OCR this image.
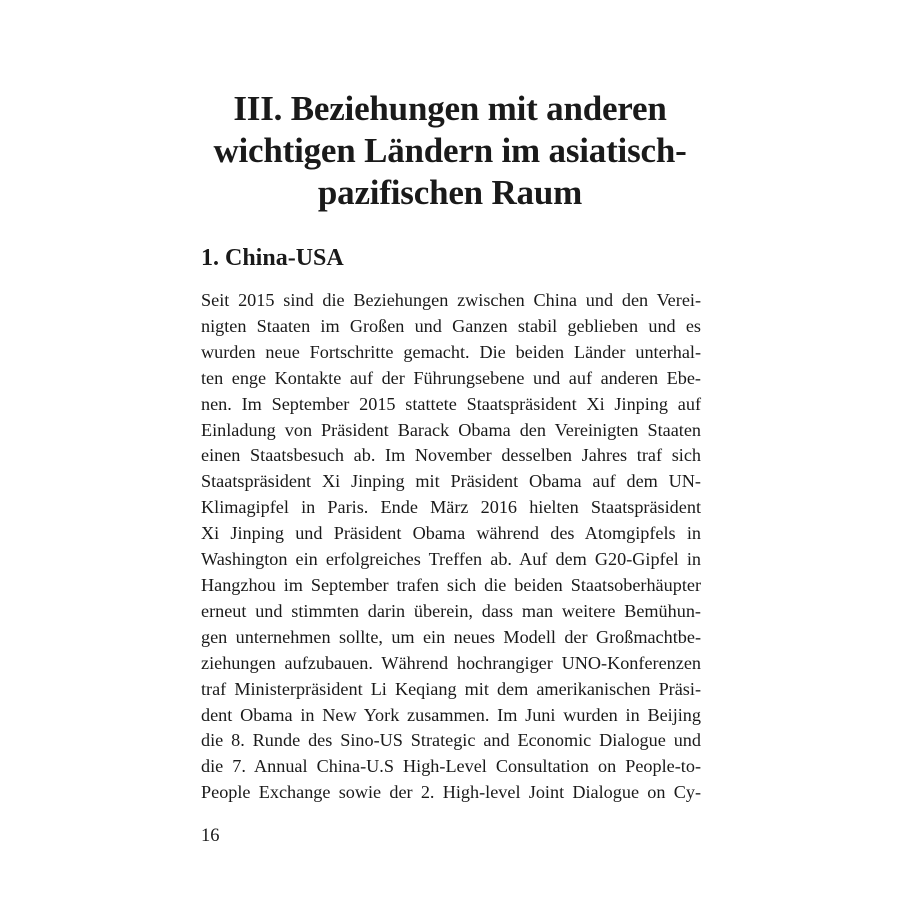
III. Beziehungen mit anderen
wichtigen Ländern im asiatisch-
pazifischen Raum
1. China-USA
Seit 2015 sind die Beziehungen zwischen China und den Verei-
nigten Staaten im Großen und Ganzen stabil geblieben und es
wurden neue Fortschritte gemacht. Die beiden Länder unterhal-
ten enge Kontakte auf der Führungsebene und auf anderen Ebe-
nen. Im September 2015 stattete Staatspräsident Xi Jinping auf
Einladung von Präsident Barack Obama den Vereinigten Staaten
einen Staatsbesuch ab. Im November desselben Jahres traf sich
Staatspräsident Xi Jinping mit Präsident Obama auf dem UN-
Klimagipfel in Paris. Ende März 2016 hielten Staatspräsident
Xi Jinping und Präsident Obama während des Atomgipfels in
Washington ein erfolgreiches Treffen ab. Auf dem G20-Gipfel in
Hangzhou im September trafen sich die beiden Staatsoberhäupter
erneut und stimmten darin überein, dass man weitere Bemühun-
gen unternehmen sollte, um ein neues Modell der Großmachtbe-
ziehungen aufzubauen. Während hochrangiger UNO-Konferenzen
traf Ministerpräsident Li Keqiang mit dem amerikanischen Präsi-
dent Obama in New York zusammen. Im Juni wurden in Beijing
die 8. Runde des Sino-US Strategic and Economic Dialogue und
die 7. Annual China-U.S High-Level Consultation on People-to-
People Exchange sowie der 2. High-level Joint Dialogue on Cy-
16
